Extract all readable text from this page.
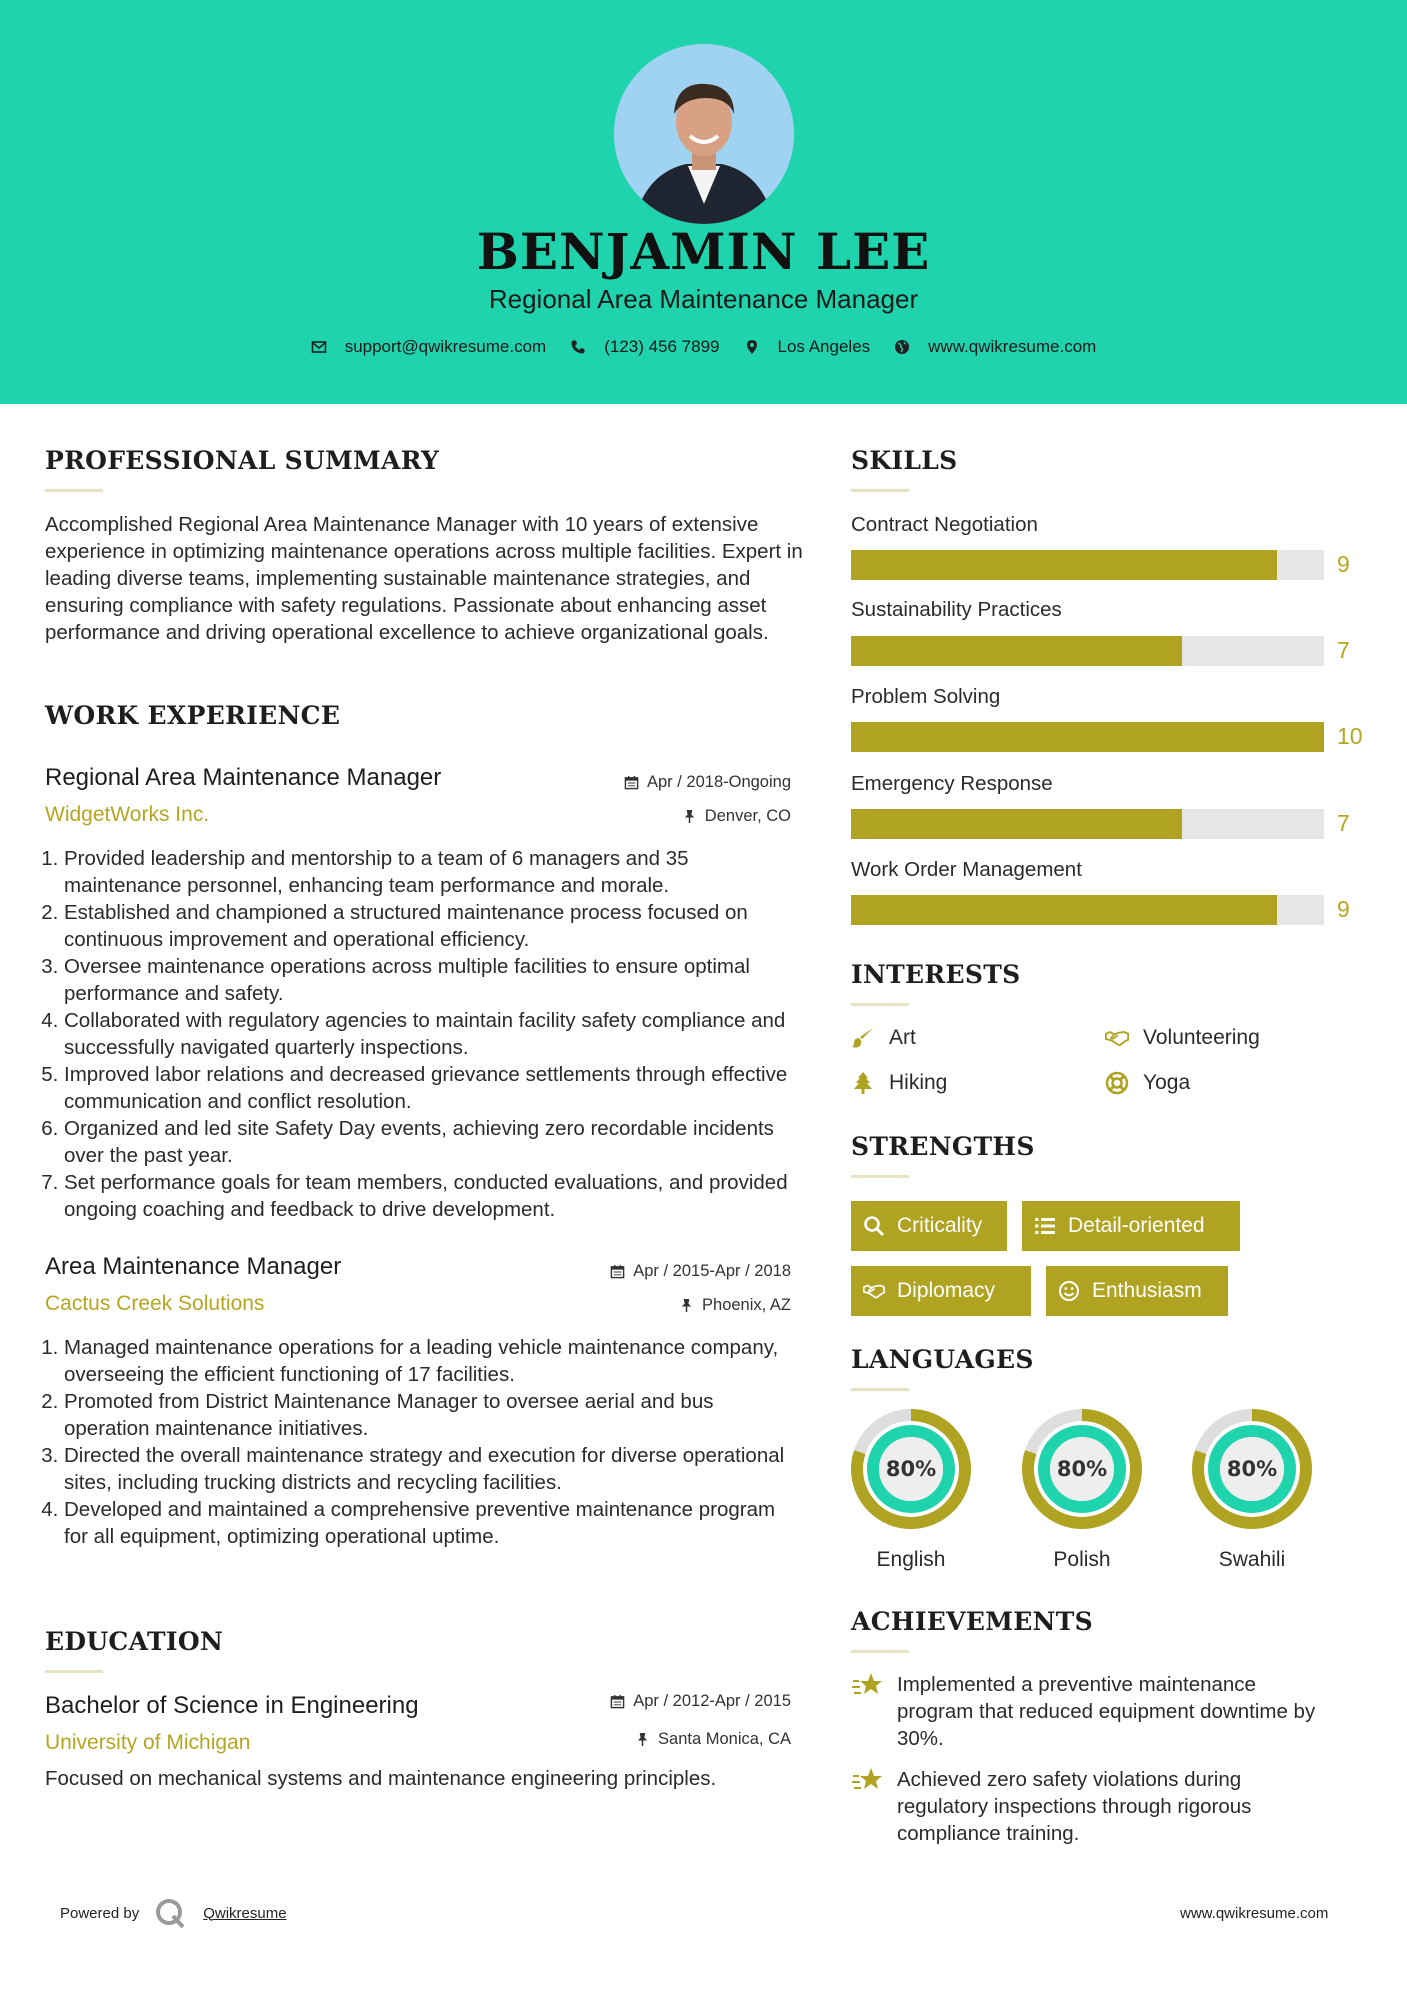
BENJAMIN LEE
Regional Area Maintenance Manager
support@qwikresume.com	(123) 456 7899	Los Angeles	www.qwikresume.com
PROFESSIONAL SUMMARY
Accomplished Regional Area Maintenance Manager with 10 years of extensive experience in optimizing maintenance operations across multiple facilities. Expert in leading diverse teams, implementing sustainable maintenance strategies, and ensuring compliance with safety regulations. Passionate about enhancing asset performance and driving operational excellence to achieve organizational goals.
WORK EXPERIENCE
Regional Area Maintenance Manager	Apr / 2018-Ongoing
WidgetWorks Inc.	Denver, CO
1. Provided leadership and mentorship to a team of 6 managers and 35 maintenance personnel, enhancing team performance and morale.
2. Established and championed a structured maintenance process focused on continuous improvement and operational efficiency.
3. Oversee maintenance operations across multiple facilities to ensure optimal performance and safety.
4. Collaborated with regulatory agencies to maintain facility safety compliance and successfully navigated quarterly inspections.
5. Improved labor relations and decreased grievance settlements through effective communication and conflict resolution.
6. Organized and led site Safety Day events, achieving zero recordable incidents over the past year.
7. Set performance goals for team members, conducted evaluations, and provided ongoing coaching and feedback to drive development.
Area Maintenance Manager	Apr / 2015-Apr / 2018
Cactus Creek Solutions	Phoenix, AZ
1. Managed maintenance operations for a leading vehicle maintenance company, overseeing the efficient functioning of 17 facilities.
2. Promoted from District Maintenance Manager to oversee aerial and bus operation maintenance initiatives.
3. Directed the overall maintenance strategy and execution for diverse operational sites, including trucking districts and recycling facilities.
4. Developed and maintained a comprehensive preventive maintenance program for all equipment, optimizing operational uptime.
EDUCATION
Bachelor of Science in Engineering	Apr / 2012-Apr / 2015
University of Michigan	Santa Monica, CA
Focused on mechanical systems and maintenance engineering principles.
SKILLS
Contract Negotiation
9
Sustainability Practices
7
Problem Solving
10
Emergency Response
7
Work Order Management
9
INTERESTS
Art	Volunteering
Hiking	Yoga
STRENGTHS
Criticality	Detail-oriented
Diplomacy	Enthusiasm
LANGUAGES
80%
English
80%
Polish
80%
Swahili
ACHIEVEMENTS
Implemented a preventive maintenance program that reduced equipment downtime by 30%.
Achieved zero safety violations during regulatory inspections through rigorous compliance training.
Powered by	Qwikresume	www.qwikresume.com
